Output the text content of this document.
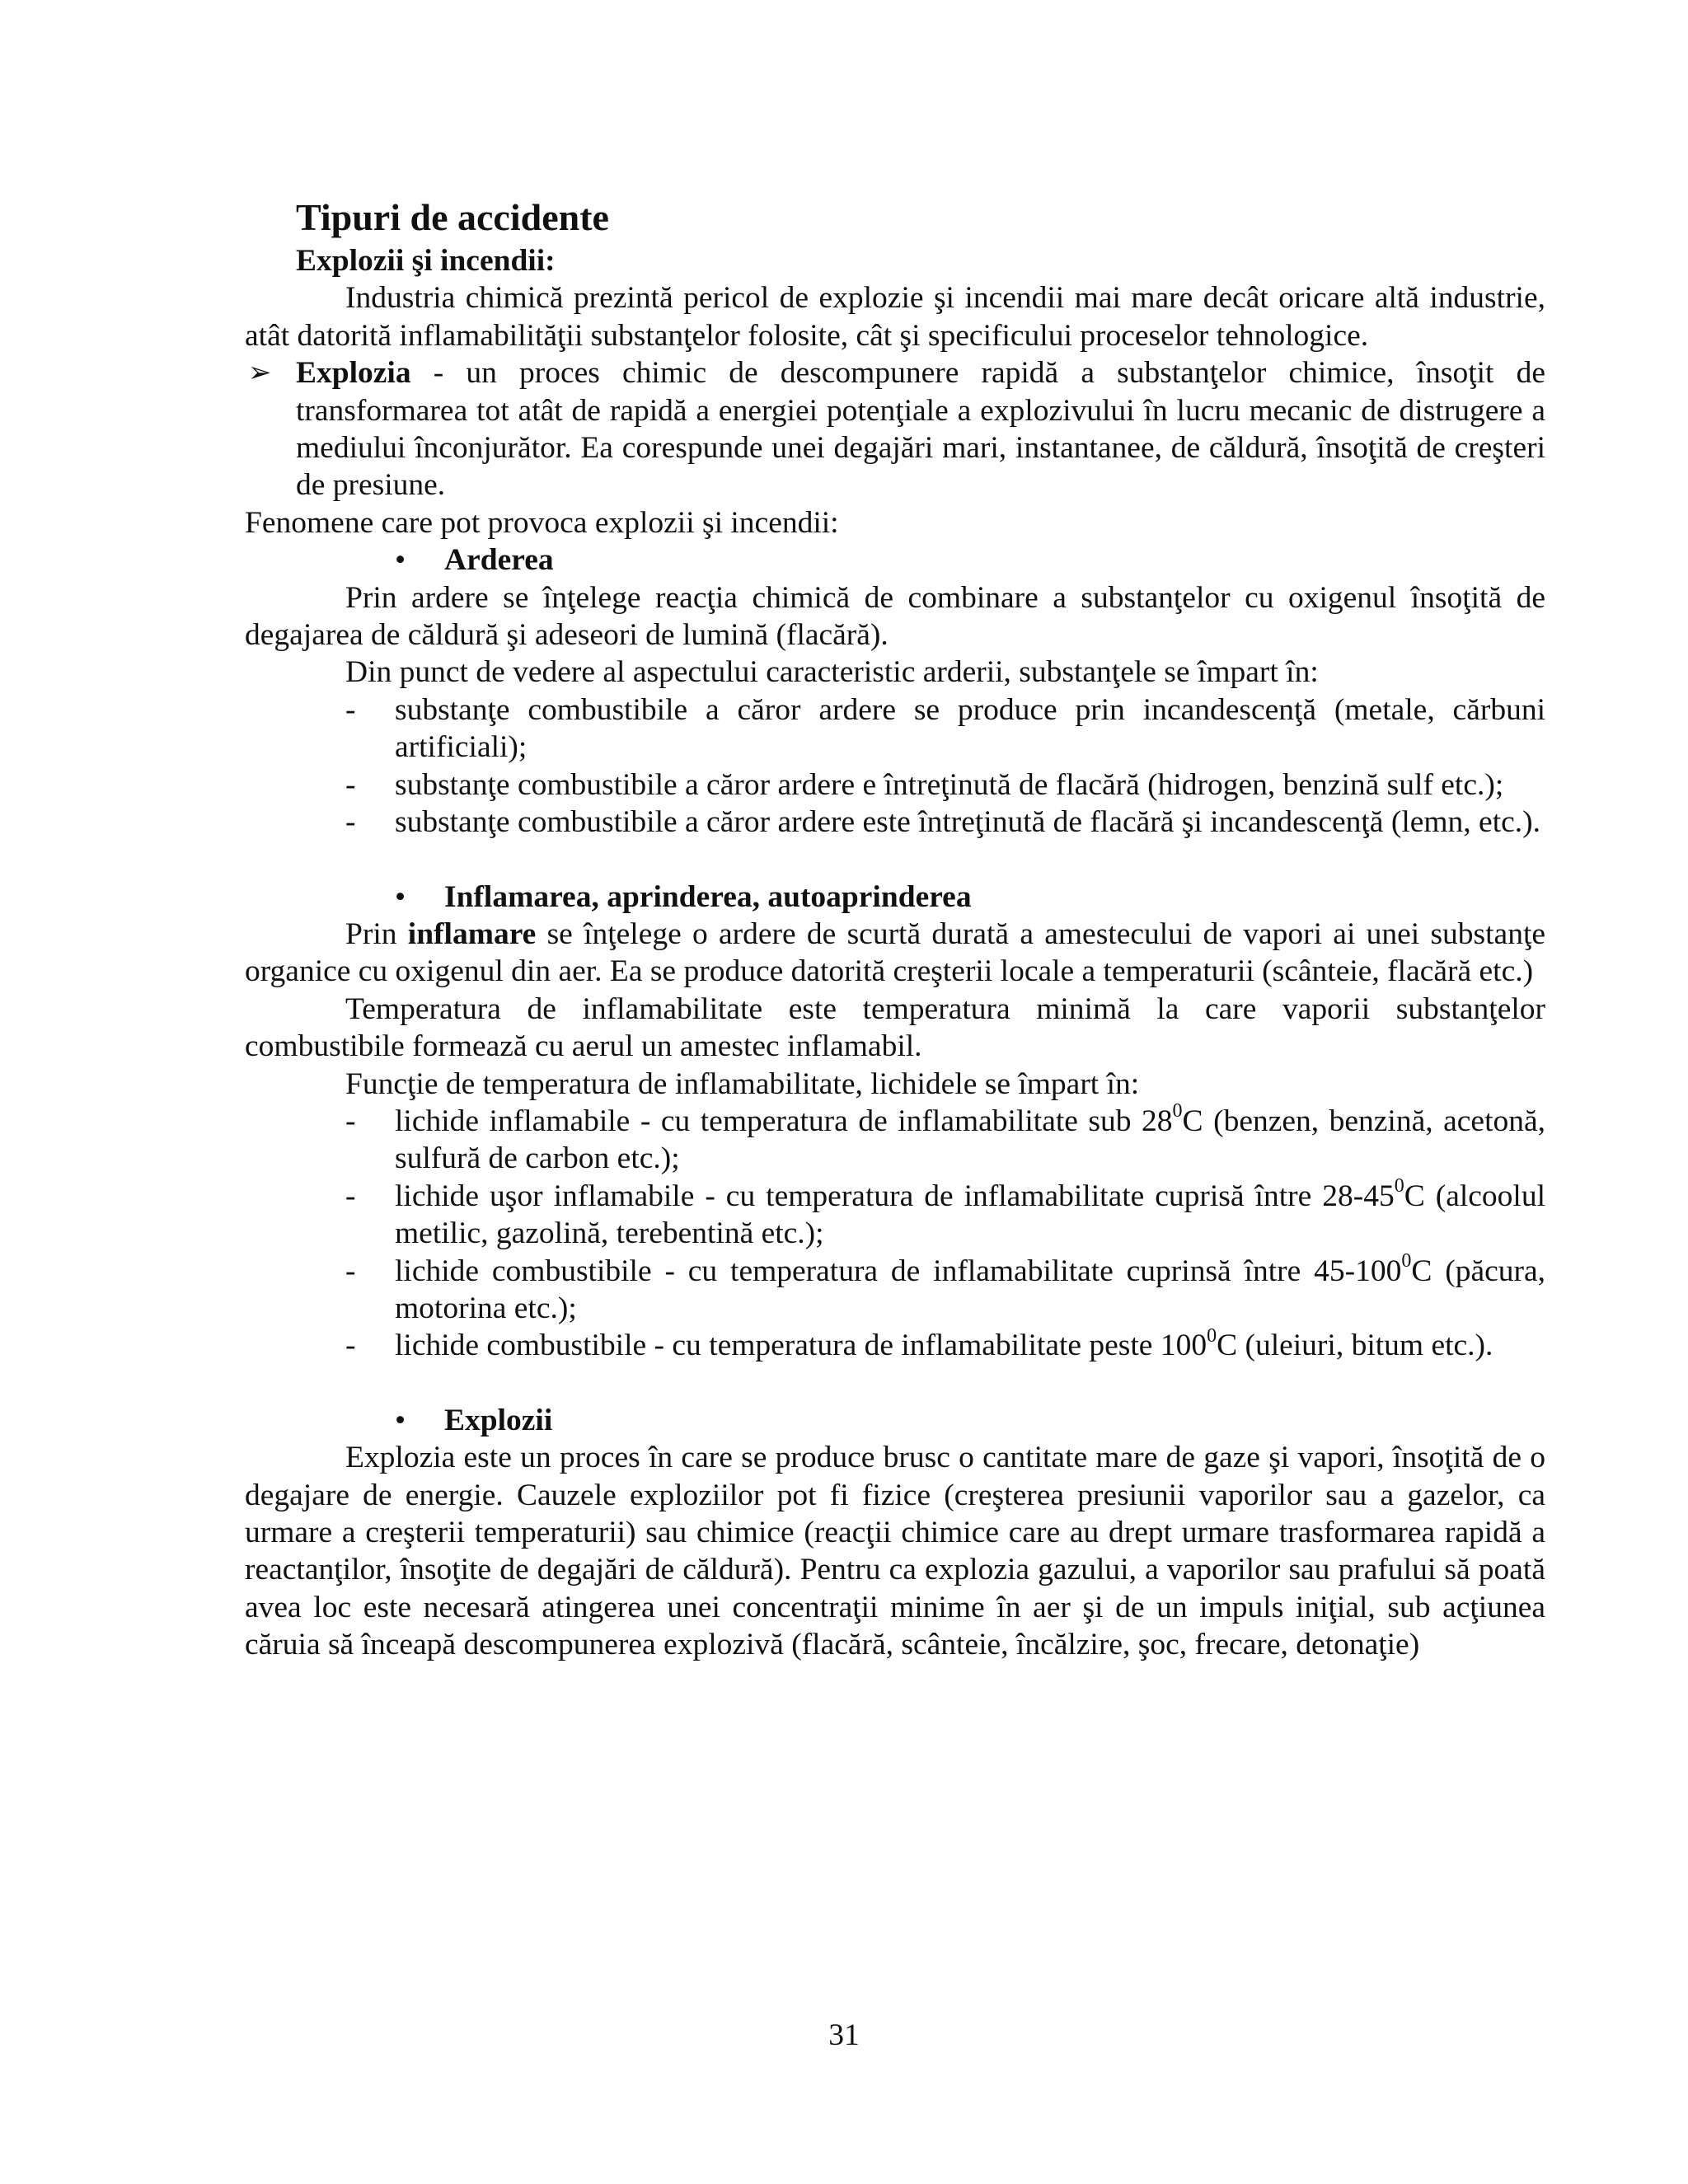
Tipuri de accidente
Explozii şi incendii:

Industria chimică prezintă pericol de explozie şi incendii mai mare decât oricare altă industrie, atât datorită inflamabilităţii substanţelor folosite, cât şi specificului proceselor tehnologice.

➢ Explozia - un proces chimic de descompunere rapidă a substanţelor chimice, însoţit de transformarea tot atât de rapidă a energiei potenţiale a explozivului în lucru mecanic de distrugere a mediului înconjurător. Ea corespunde unei degajări mari, instantanee, de căldură, însoţită de creşteri de presiune.

Fenomene care pot provoca explozii şi incendii:

• Arderea

Prin ardere se înţelege reacţia chimică de combinare a substanţelor cu oxigenul însoţită de degajarea de căldură şi adeseori de lumină (flacără).

Din punct de vedere al aspectului caracteristic arderii, substanţele se împart în:

- substanţe combustibile a căror ardere se produce prin incandescenţă (metale, cărbuni artificiali);
- substanţe combustibile a căror ardere e întreţinută de flacără (hidrogen, benzină sulf etc.);
- substanţe combustibile a căror ardere este întreţinută de flacără şi incandescenţă (lemn, etc.).
• Inflamarea, aprinderea, autoaprinderea

Prin inflamare se înţelege o ardere de scurtă durată a amestecului de vapori ai unei substanţe organice cu oxigenul din aer. Ea se produce datorită creşterii locale a temperaturii (scânteie, flacără etc.)

Temperatura de inflamabilitate este temperatura minimă la care vaporii substanţelor combustibile formează cu aerul un amestec inflamabil.

Funcţie de temperatura de inflamabilitate, lichidele se împart în:

- lichide inflamabile - cu temperatura de inflamabilitate sub $28^0C$ (benzen, benzină, acetonă, sulfură de carbon etc.);
- lichide uşor inflamabile - cu temperatura de inflamabilitate cuprisă între $28-45^0C$ (alcoolul metilic, gazolină, terebentină etc.);
- lichide combustibile - cu temperatura de inflamabilitate cuprinsă între $45-100^0C$ (păcura, motorina etc.);
- lichide combustibile - cu temperatura de inflamabilitate peste $100^0C$ (uleiuri, bitum etc.).
• Explozii

Explozia este un proces în care se produce brusc o cantitate mare de gaze şi vapori, însoţită de o degajare de energie. Cauzele exploziilor pot fi fizice (creşterea presiunii vaporilor sau a gazelor, ca urmare a creşterii temperaturii) sau chimice (reacţii chimice care au drept urmare trasformarea rapidă a reactanţilor, însoţite de degajări de căldură). Pentru ca explozia gazului, a vaporilor sau prafului să poată avea loc este necesară atingerea unei concentraţii minime în aer şi de un impuls iniţial, sub acţiunea căruia să înceapă descompunerea explozivă (flacără, scânteie, încălzire, şoc, frecare, detonaţie)

31
